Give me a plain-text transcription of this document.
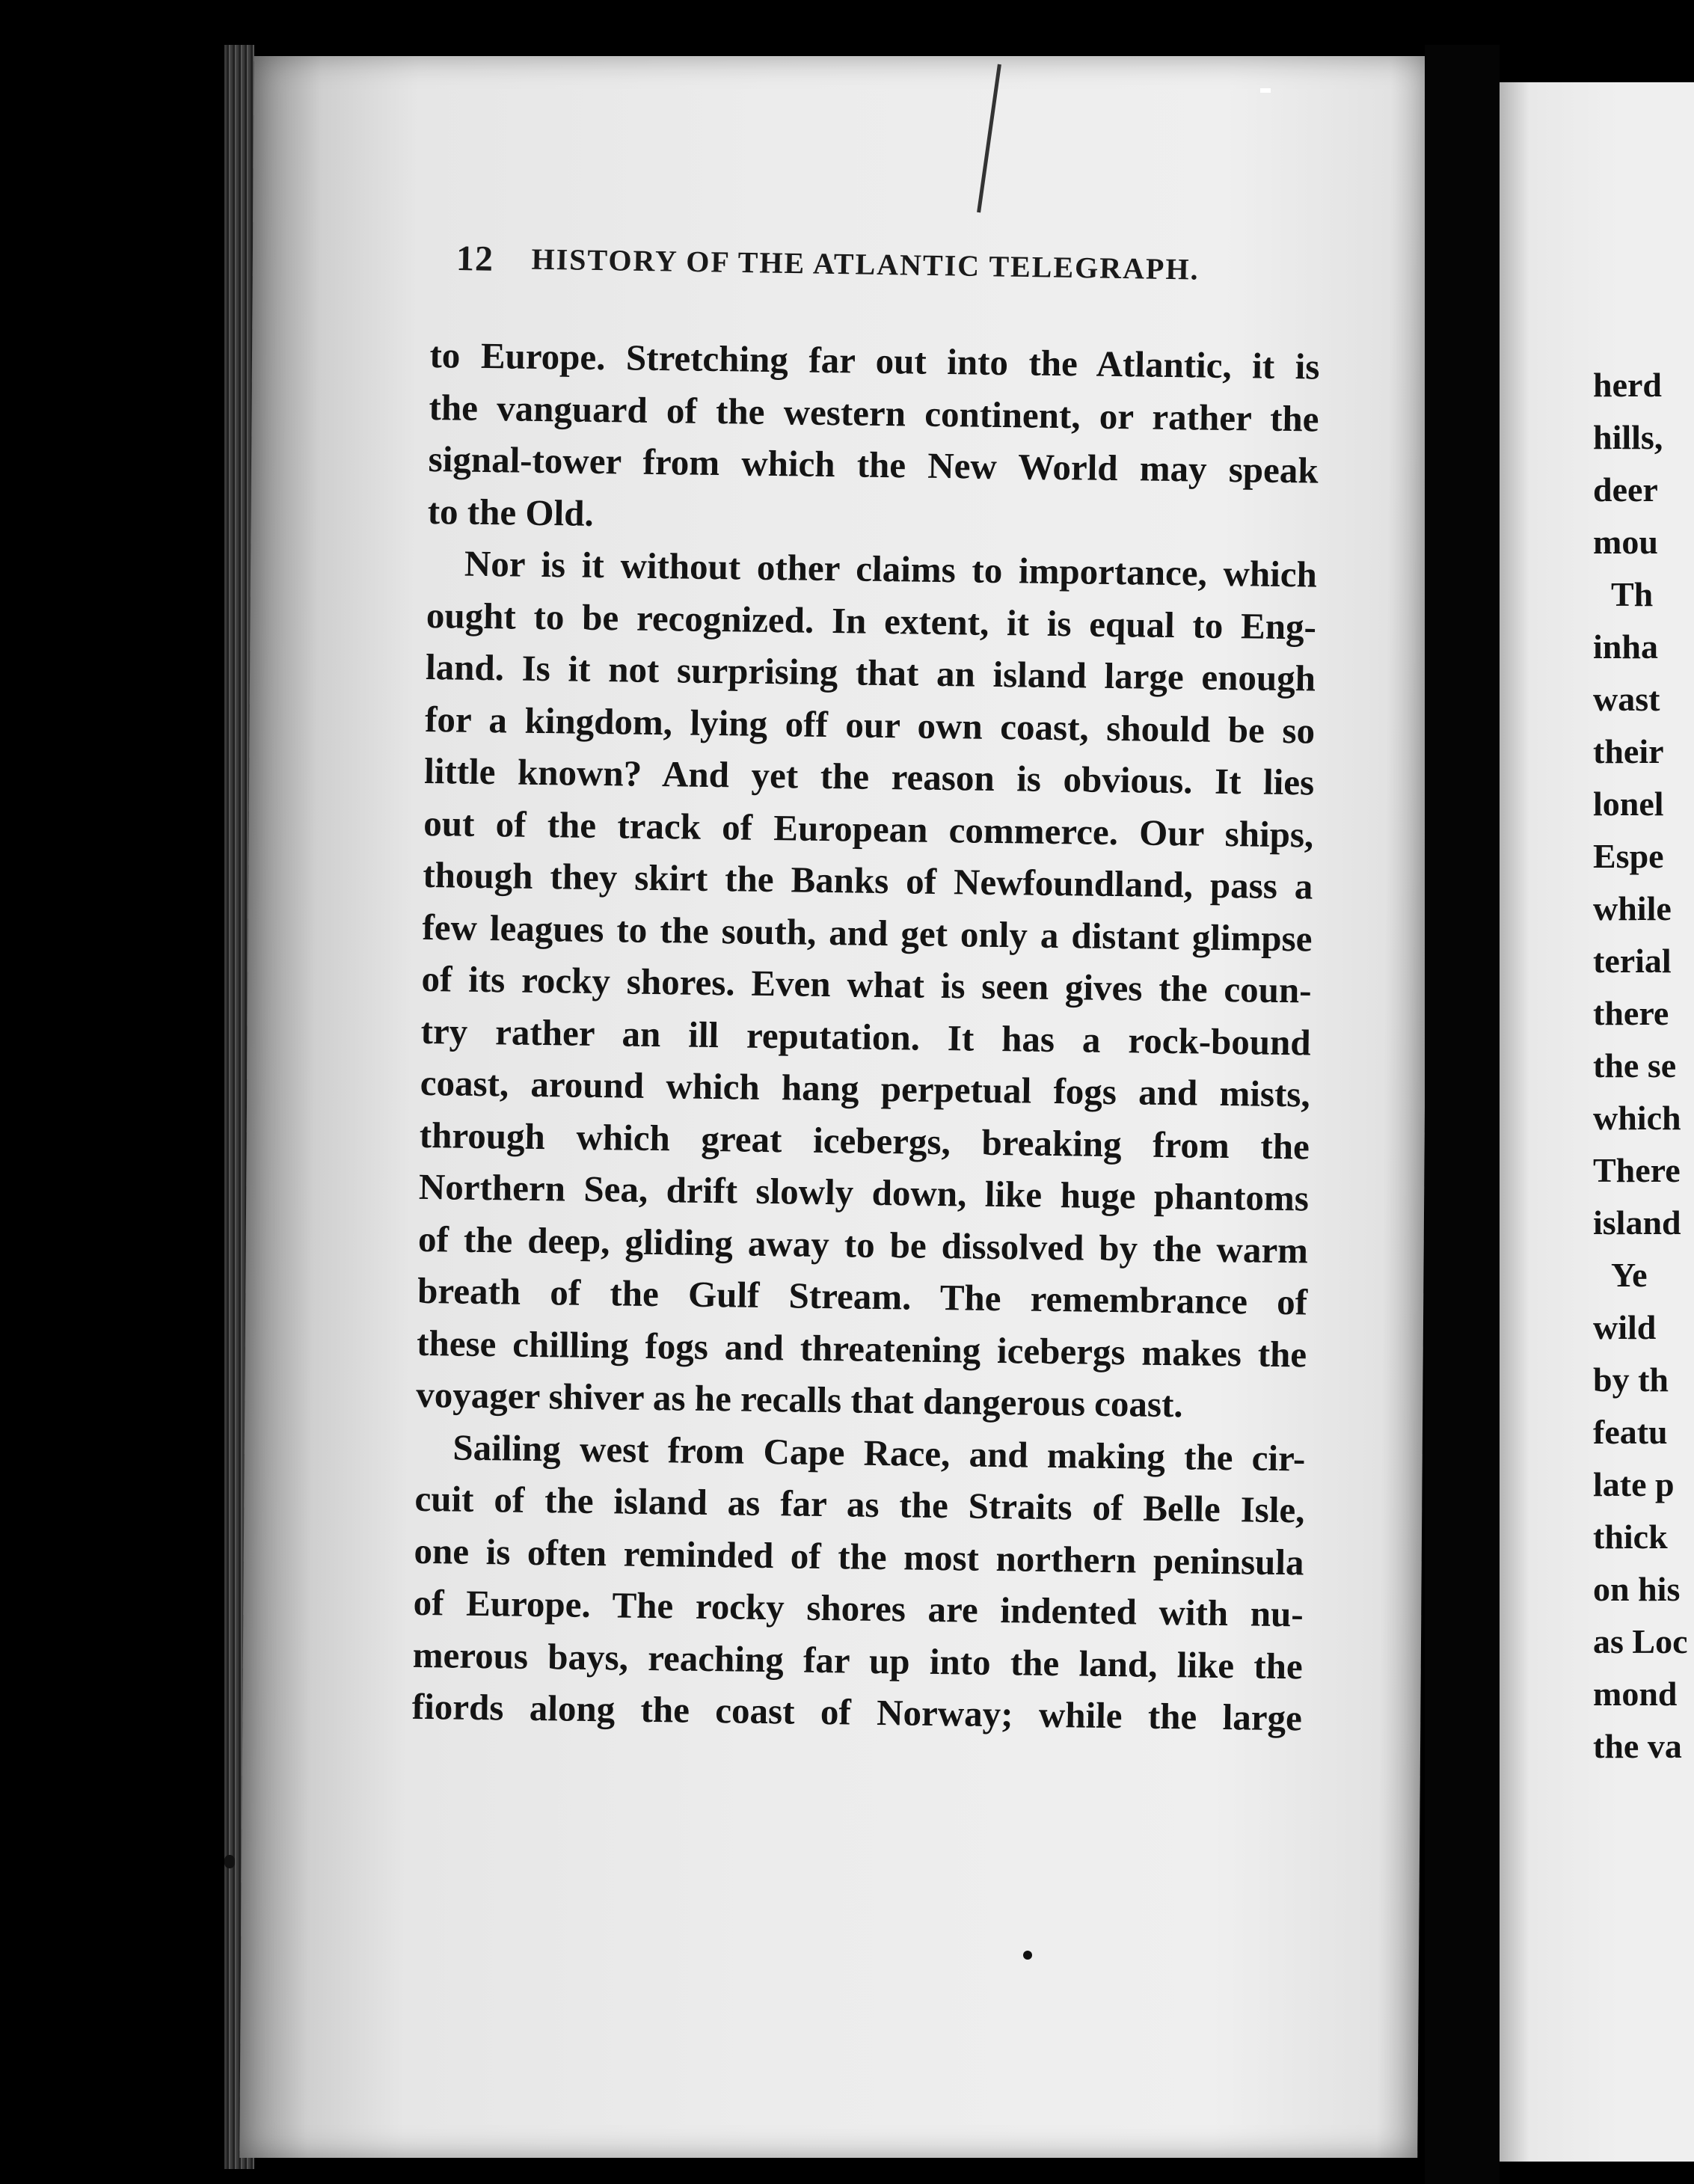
12 HISTORY OF THE ATLANTIC TELEGRAPH.
to Europe. Stretching far out into the Atlantic, it is
the vanguard of the western continent, or rather the
signal-tower from which the New World may speak
to the Old.
Nor is it without other claims to importance, which
ought to be recognized. In extent, it is equal to Eng-
land. Is it not surprising that an island large enough
for a kingdom, lying off our own coast, should be so
little known? And yet the reason is obvious. It lies
out of the track of European commerce. Our ships,
though they skirt the Banks of Newfoundland, pass a
few leagues to the south, and get only a distant glimpse
of its rocky shores. Even what is seen gives the coun-
try rather an ill reputation. It has a rock-bound
coast, around which hang perpetual fogs and mists,
through which great icebergs, breaking from the
Northern Sea, drift slowly down, like huge phantoms
of the deep, gliding away to be dissolved by the warm
breath of the Gulf Stream. The remembrance of
these chilling fogs and threatening icebergs makes the
voyager shiver as he recalls that dangerous coast.
Sailing west from Cape Race, and making the cir-
cuit of the island as far as the Straits of Belle Isle,
one is often reminded of the most northern peninsula
of Europe. The rocky shores are indented with nu-
merous bays, reaching far up into the land, like the
fiords along the coast of Norway; while the large
herd
hills,
deer
mou
Th
inha
wast
their
lonel
Espe
while
terial
there
the se
which
There
island
Ye
wild
by th
featu
late p
thick
on his
as Loc
mond
the va
